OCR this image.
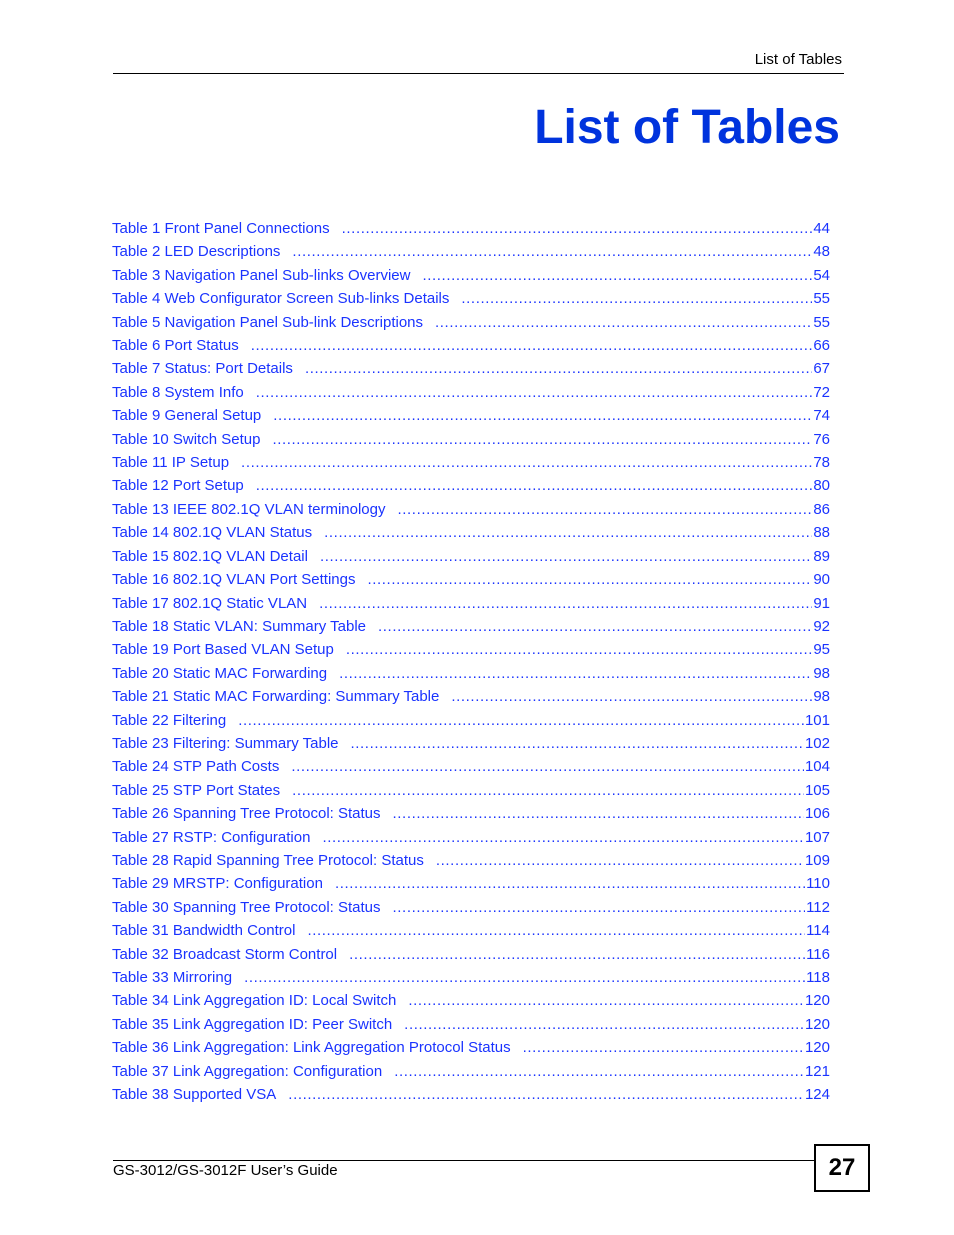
List of Tables
List of Tables
Table 1 Front Panel Connections .....	44
Table 2 LED Descriptions .....	48
Table 3 Navigation Panel Sub-links Overview .....	54
Table 4 Web Configurator Screen Sub-links Details .....	55
Table 5 Navigation Panel Sub-link Descriptions .....	55
Table 6 Port Status .....	66
Table 7 Status: Port Details .....	67
Table 8 System Info .....	72
Table 9 General Setup .....	74
Table 10 Switch Setup .....	76
Table 11 IP Setup .....	78
Table 12 Port Setup .....	80
Table 13 IEEE 802.1Q VLAN terminology .....	86
Table 14 802.1Q VLAN Status .....	88
Table 15 802.1Q VLAN Detail .....	89
Table 16 802.1Q VLAN Port Settings .....	90
Table 17 802.1Q Static VLAN .....	91
Table 18 Static VLAN: Summary Table .....	92
Table 19 Port Based VLAN Setup .....	95
Table 20 Static MAC Forwarding .....	98
Table 21 Static MAC Forwarding: Summary Table .....	98
Table 22 Filtering .....	101
Table 23 Filtering: Summary Table .....	102
Table 24 STP Path Costs .....	104
Table 25 STP Port States .....	105
Table 26 Spanning Tree Protocol: Status .....	106
Table 27 RSTP: Configuration .....	107
Table 28 Rapid Spanning Tree Protocol: Status .....	109
Table 29 MRSTP: Configuration .....	110
Table 30 Spanning Tree Protocol: Status .....	112
Table 31 Bandwidth Control .....	114
Table 32 Broadcast Storm Control .....	116
Table 33 Mirroring .....	118
Table 34 Link Aggregation ID: Local Switch .....	120
Table 35 Link Aggregation ID: Peer Switch .....	120
Table 36 Link Aggregation: Link Aggregation Protocol Status .....	120
Table 37 Link Aggregation: Configuration .....	121
Table 38 Supported VSA .....	124
GS-3012/GS-3012F User’s Guide	27
